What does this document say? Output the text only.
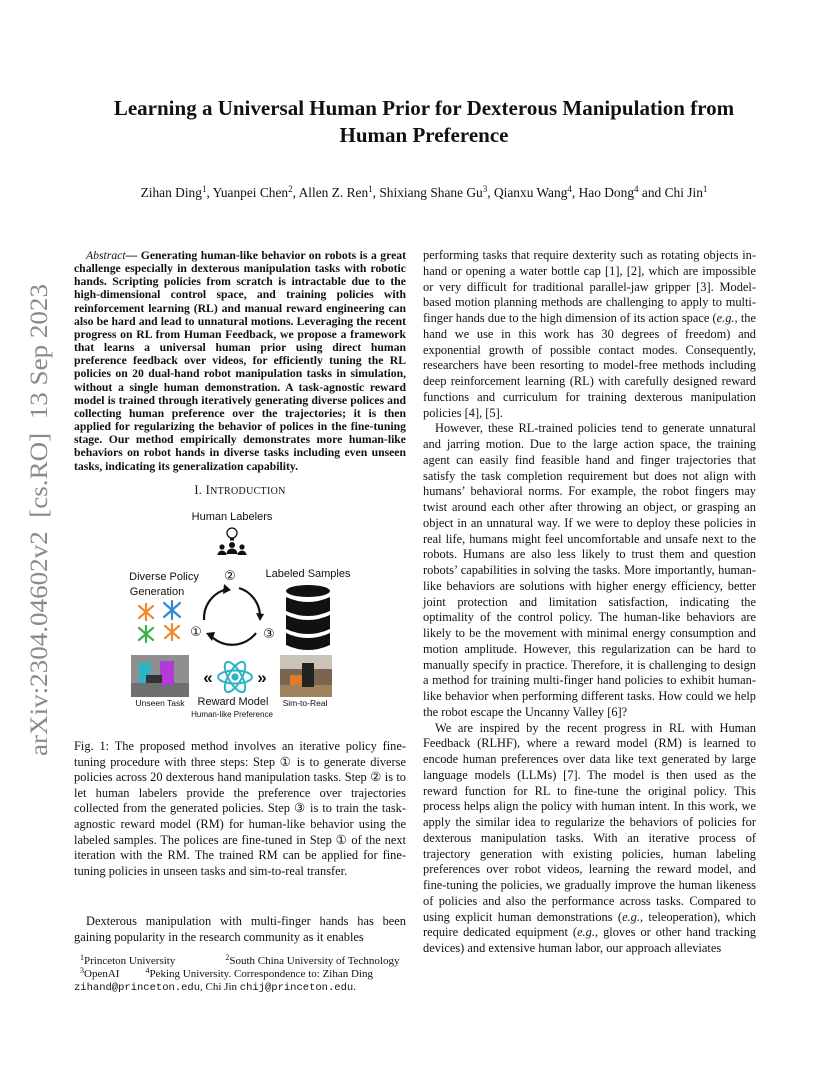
arXiv:2304.04602v2  [cs.RO]  13 Sep 2023
Learning a Universal Human Prior for Dexterous Manipulation from
Human Preference
Zihan Ding$^1$, Yuanpei Chen$^2$, Allen Z. Ren$^1$, Shixiang Shane Gu$^3$, Qianxu Wang$^4$, Hao Dong$^4$ and Chi Jin$^1$

Abstract— Generating human-like behavior on robots is a great challenge especially in dexterous manipulation tasks with robotic hands. Scripting policies from scratch is intractable due to the high-dimensional control space, and training policies with reinforcement learning (RL) and manual reward engineering can also be hard and lead to unnatural motions. Leveraging the recent progress on RL from Human Feedback, we propose a framework that learns a universal human prior using direct human preference feedback over videos, for efficiently tuning the RL policies on 20 dual-hand robot manipulation tasks in simulation, without a single human demonstration. A task-agnostic reward model is trained through iteratively generating diverse polices and collecting human preference over the trajectories; it is then applied for regularizing the behavior of polices in the fine-tuning stage. Our method empirically demonstrates more human-like behaviors on robot hands in diverse tasks including even unseen tasks, indicating its generalization capability.

I. INTRODUCTION
Human Labelers
②
Diverse Policy
Generation
Labeled Samples
①	③
Unseen Task
«	»
Reward Model
Human-like Preference
Sim-to-Real

Fig. 1: The proposed method involves an iterative policy fine-tuning procedure with three steps: Step ① is to generate diverse policies across 20 dexterous hand manipulation tasks. Step ② is to let human labelers provide the preference over trajectories collected from the generated policies. Step ③ is to train the task-agnostic reward model (RM) for human-like behavior using the labeled samples. The polices are fine-tuned in Step ① of the next iteration with the RM. The trained RM can be applied for fine-tuning policies in unseen tasks and sim-to-real transfer.

Dexterous manipulation with multi-finger hands has been gaining popularity in the research community as it enables

$^1$Princeton University	$^2$South China University of Technology
$^3$OpenAI	$^4$Peking University. Correspondence to: Zihan Ding
zihand@princeton.edu, Chi Jin chij@princeton.edu.

performing tasks that require dexterity such as rotating objects in-hand or opening a water bottle cap [1], [2], which are impossible or very difficult for traditional parallel-jaw gripper [3]. Model-based motion planning methods are challenging to apply to multi-finger hands due to the high dimension of its action space (e.g., the hand we use in this work has 30 degrees of freedom) and exponential growth of possible contact modes. Consequently, researchers have been resorting to model-free methods including deep reinforcement learning (RL) with carefully designed reward functions and curriculum for training dexterous manipulation policies [4], [5].

However, these RL-trained policies tend to generate unnatural and jarring motion. Due to the large action space, the training agent can easily find feasible hand and finger trajectories that satisfy the task completion requirement but does not align with humans’ behavioral norms. For example, the robot fingers may twist around each other after throwing an object, or grasping an object in an unnatural way. If we were to deploy these policies in real life, humans might feel uncomfortable and unsafe next to the robots. Humans are also less likely to trust them and question robots’ capabilities in solving the tasks. More importantly, human-like behaviors are solutions with higher energy efficiency, better joint protection and limitation satisfaction, indicating the optimality of the control policy. The human-like behaviors are likely to be the movement with minimal energy consumption and motion amplitude. However, this regularization can be hard to manually specify in practice. Therefore, it is challenging to design a method for training multi-finger hand policies to exhibit human-like behavior when performing different tasks. How could we help the robot escape the Uncanny Valley [6]?

We are inspired by the recent progress in RL with Human Feedback (RLHF), where a reward model (RM) is learned to encode human preferences over data like text generated by large language models (LLMs) [7]. The model is then used as the reward function for RL to fine-tune the original policy. This process helps align the policy with human intent. In this work, we apply the similar idea to regularize the behaviors of policies for dexterous manipulation tasks. With an iterative process of trajectory generation with existing policies, human labeling preferences over robot videos, learning the reward model, and fine-tuning the policies, we gradually improve the human likeness of policies and also the performance across tasks. Compared to using explicit human demonstrations (e.g., teleoperation), which require dedicated equipment (e.g., gloves or other hand tracking devices) and extensive human labor, our approach alleviates
